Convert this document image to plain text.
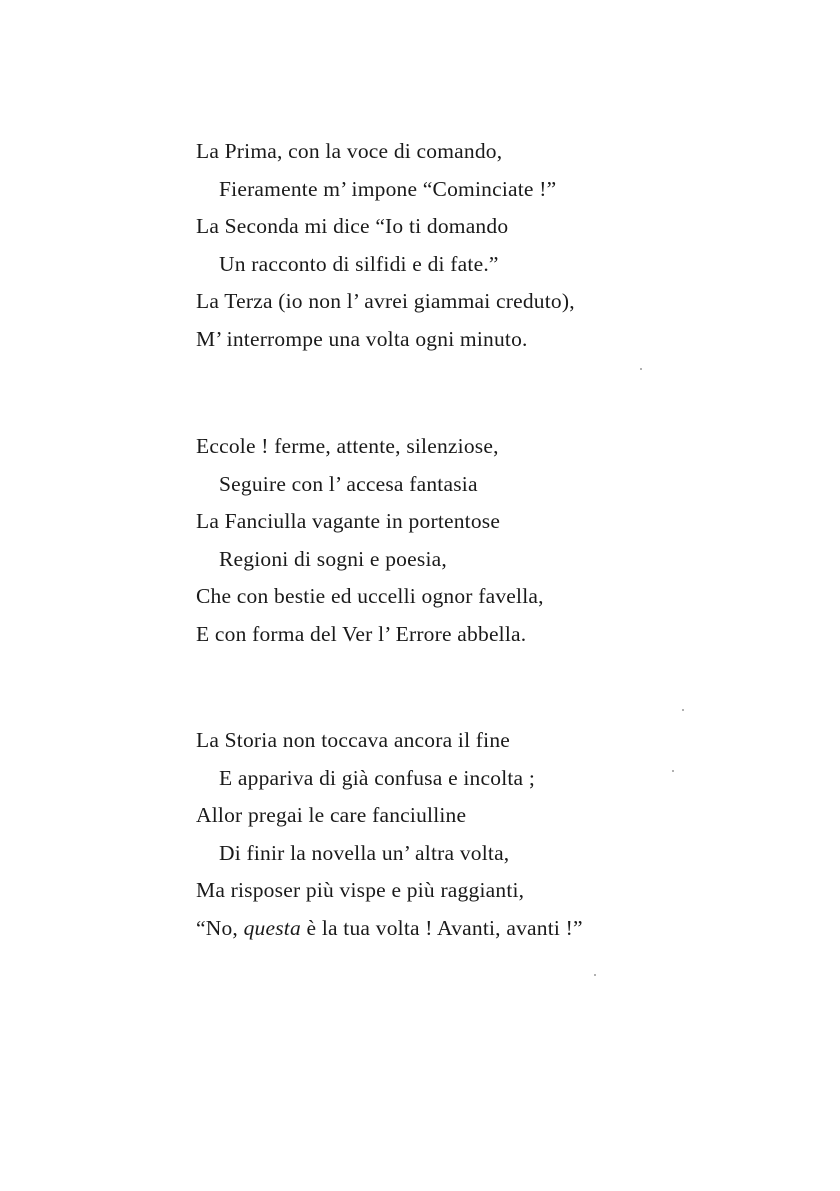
La Prima, con la voce di comando,
Fieramente m’ impone “Cominciate !”
La Seconda mi dice “Io ti domando
Un racconto di silfidi e di fate.”
La Terza (io non l’ avrei giammai creduto),
M’ interrompe una volta ogni minuto.
Eccole ! ferme, attente, silenziose,
Seguire con l’ accesa fantasia
La Fanciulla vagante in portentose
Regioni di sogni e poesia,
Che con bestie ed uccelli ognor favella,
E con forma del Ver l’ Errore abbella.
La Storia non toccava ancora il fine
E appariva di già confusa e incolta ;
Allor pregai le care fanciulline
Di finir la novella un’ altra volta,
Ma risposer più vispe e più raggianti,
“No, questa è la tua volta ! Avanti, avanti !”
